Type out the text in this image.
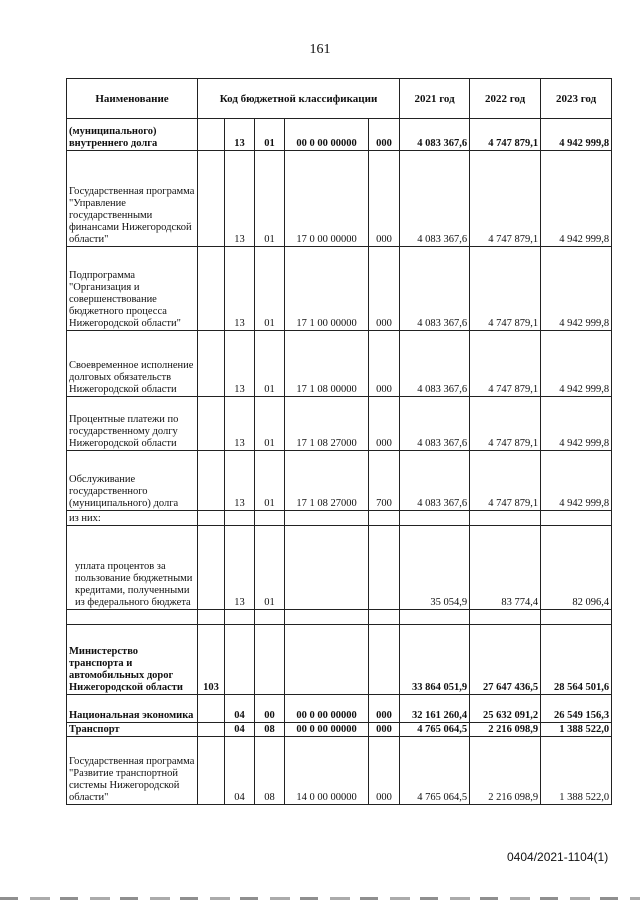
161
Наименование	Код бюджетной классификации					2021 год	2022 год	2023 год
(муниципального) внутреннего долга		13	01	00 0 00 00000	000	4 083 367,6	4 747 879,1	4 942 999,8
Государственная программа "Управление государственными финансами Нижегородской области"		13	01	17 0 00 00000	000	4 083 367,6	4 747 879,1	4 942 999,8
Подпрограмма "Организация и совершенствование бюджетного процесса Нижегородской области"		13	01	17 1 00 00000	000	4 083 367,6	4 747 879,1	4 942 999,8
Своевременное исполнение долговых обязательств Нижегородской области		13	01	17 1 08 00000	000	4 083 367,6	4 747 879,1	4 942 999,8
Процентные платежи по государственному долгу Нижегородской области		13	01	17 1 08 27000	000	4 083 367,6	4 747 879,1	4 942 999,8
Обслуживание государственного (муниципального) долга		13	01	17 1 08 27000	700	4 083 367,6	4 747 879,1	4 942 999,8
из них:								
уплата процентов за пользование бюджетными кредитами, полученными из федерального бюджета		13	01			35 054,9	83 774,4	82 096,4

Министерство транспорта и автомобильных дорог Нижегородской области	103					33 864 051,9	27 647 436,5	28 564 501,6
Национальная экономика		04	00	00 0 00 00000	000	32 161 260,4	25 632 091,2	26 549 156,3
Транспорт		04	08	00 0 00 00000	000	4 765 064,5	2 216 098,9	1 388 522,0
Государственная программа "Развитие транспортной системы Нижегородской области"		04	08	14 0 00 00000	000	4 765 064,5	2 216 098,9	1 388 522,0
0404/2021-1104(1)
